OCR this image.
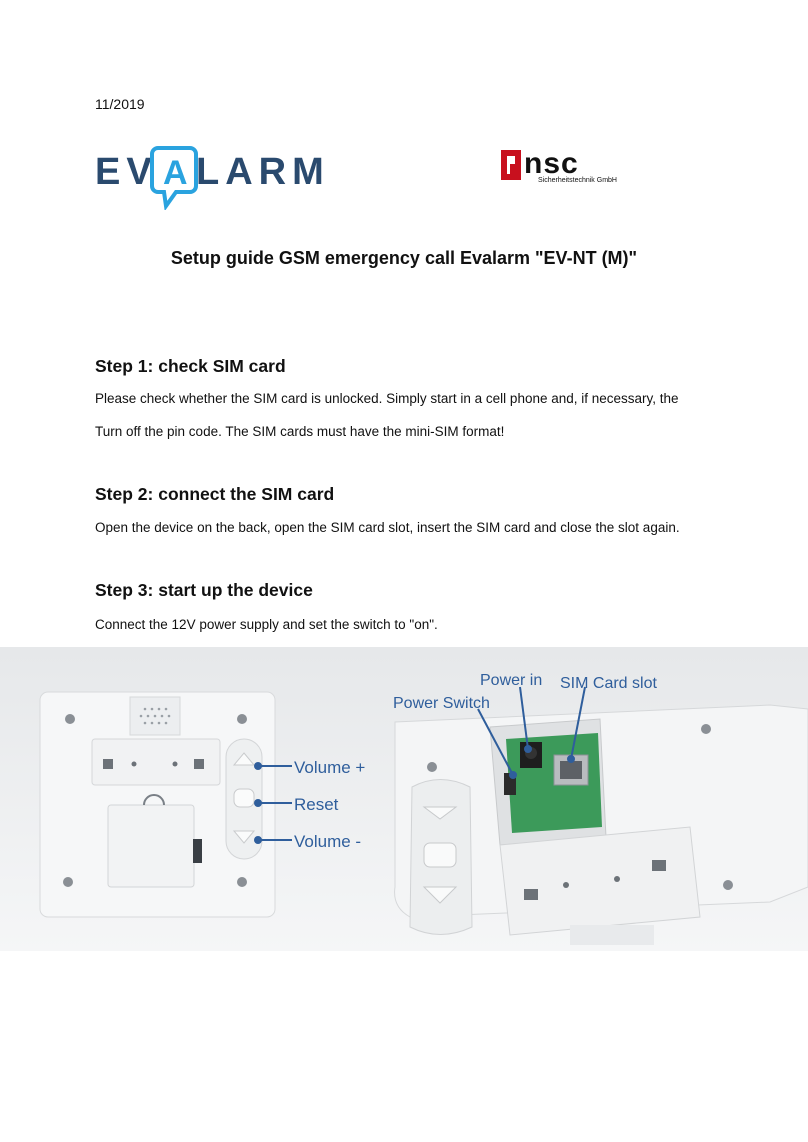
11/2019
EV LARM
A	nsc
Sicherheitstechnik GmbH
Setup guide GSM emergency call Evalarm "EV-NT (M)"
Step 1: check SIM card
Please check whether the SIM card is unlocked. Simply start in a cell phone and, if necessary, the
Turn off the pin code. The SIM cards must have the mini-SIM format!
Step 2: connect the SIM card
Open the device on the back, open the SIM card slot, insert the SIM card and close the slot again.
Step 3: start up the device
Connect the 12V power supply and set the switch to "on".
Volume +
Reset
Volume -
Power Switch
Power in SIM Card slot
